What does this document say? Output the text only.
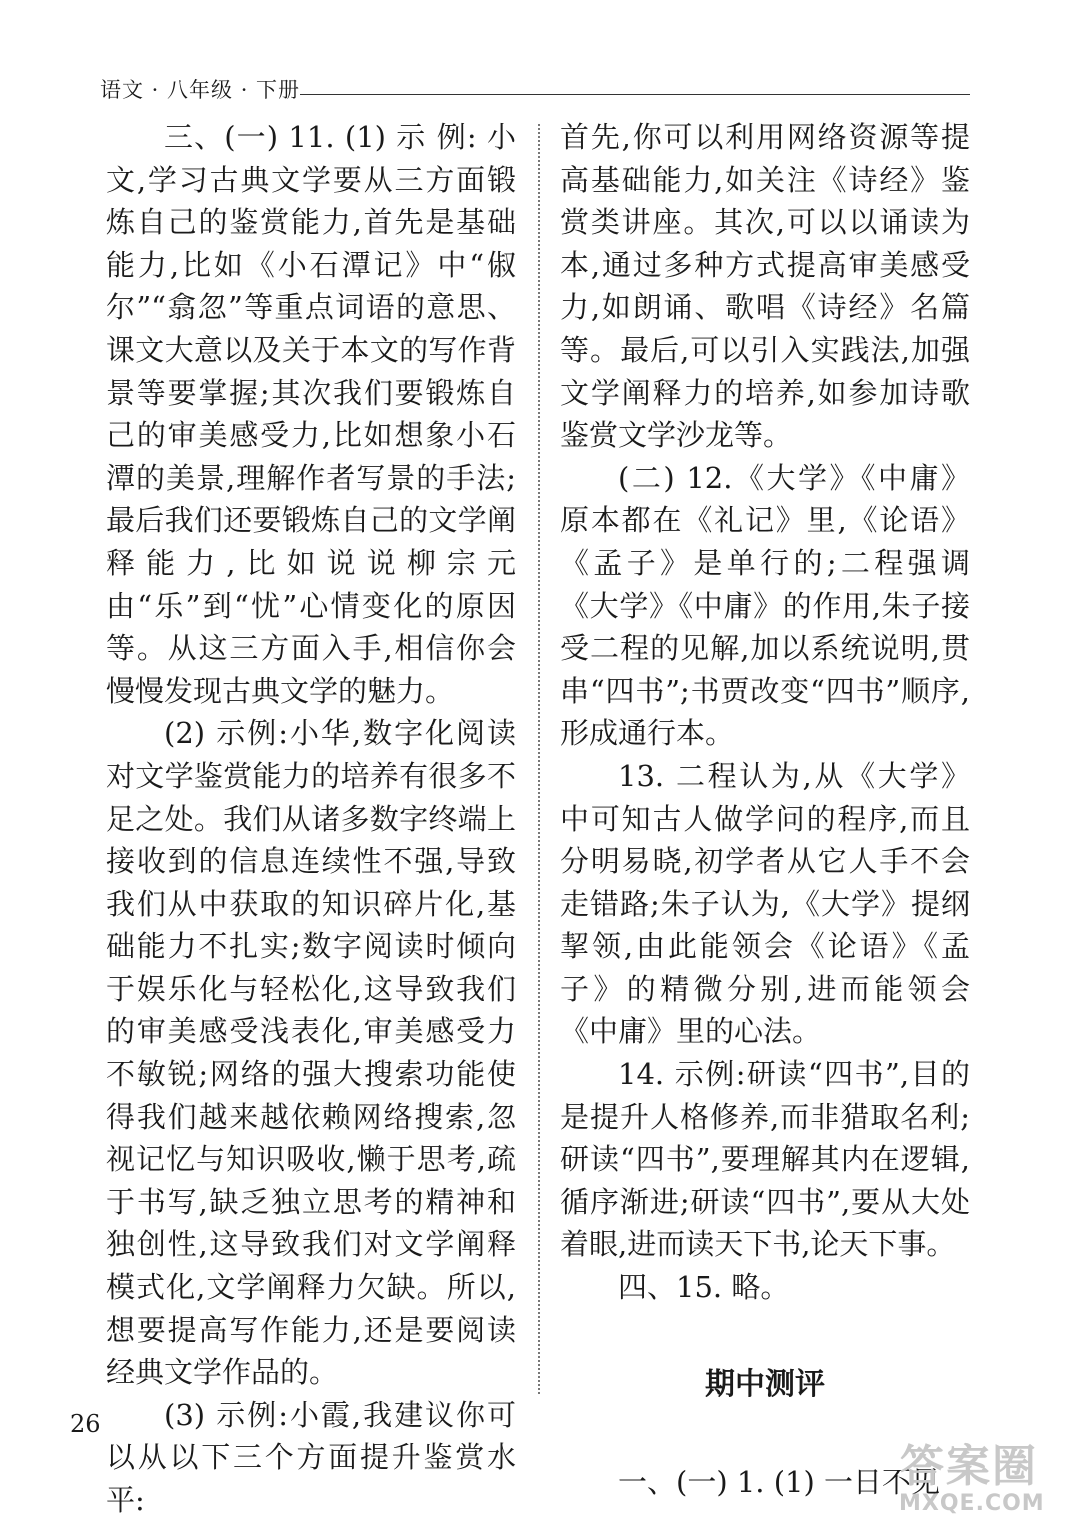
语文 · 八年级 · 下册

三、(一) 11. (1) 示 例: 小文,学习古典文学要从三方面锻炼自己的鉴赏能力,首先是基础能力,比如《小石潭记》中“俶尔”“翕忽”等重点词语的意思、课文大意以及关于本文的写作背景等要掌握;其次我们要锻炼自己的审美感受力,比如想象小石潭的美景,理解作者写景的手法;最后我们还要锻炼自己的文学阐释能力,比如说说柳宗元由“乐”到“忧”心情变化的原因等。从这三方面入手,相信你会慢慢发现古典文学的魅力。

(2) 示例:小华,数字化阅读对文学鉴赏能力的培养有很多不足之处。我们从诸多数字终端上接收到的信息连续性不强,导致我们从中获取的知识碎片化,基础能力不扎实;数字阅读时倾向于娱乐化与轻松化,这导致我们的审美感受浅表化,审美感受力不敏锐;网络的强大搜索功能使得我们越来越依赖网络搜索,忽视记忆与知识吸收,懒于思考,疏于书写,缺乏独立思考的精神和独创性,这导致我们对文学阐释模式化,文学阐释力欠缺。所以,想要提高写作能力,还是要阅读经典文学作品的。

(3) 示例:小霞,我建议你可以从以下三个方面提升鉴赏水平:

首先,你可以利用网络资源等提高基础能力,如关注《诗经》鉴赏类讲座。其次,可以以诵读为本,通过多种方式提高审美感受力,如朗诵、歌唱《诗经》名篇等。最后,可以引入实践法,加强文学阐释力的培养,如参加诗歌鉴赏文学沙龙等。

(二) 12.《大学》《中庸》原本都在《礼记》里,《论语》《孟子》是单行的;二程强调《大学》《中庸》的作用,朱子接受二程的见解,加以系统说明,贯串“四书”;书贾改变“四书”顺序,形成通行本。

13. 二程认为,从《大学》中可知古人做学问的程序,而且分明易晓,初学者从它人手不会走错路;朱子认为,《大学》提纲挈领,由此能领会《论语》《孟子》的精微分别,进而能领会《中庸》里的心法。

14. 示例:研读“四书”,目的是提升人格修养,而非猎取名利;研读“四书”,要理解其内在逻辑,循序渐进;研读“四书”,要从大处着眼,进而读天下书,论天下事。

四、15. 略。

期中测评

一、(一) 1. (1) 一日不见

26
答案圈
MXQE.COM
